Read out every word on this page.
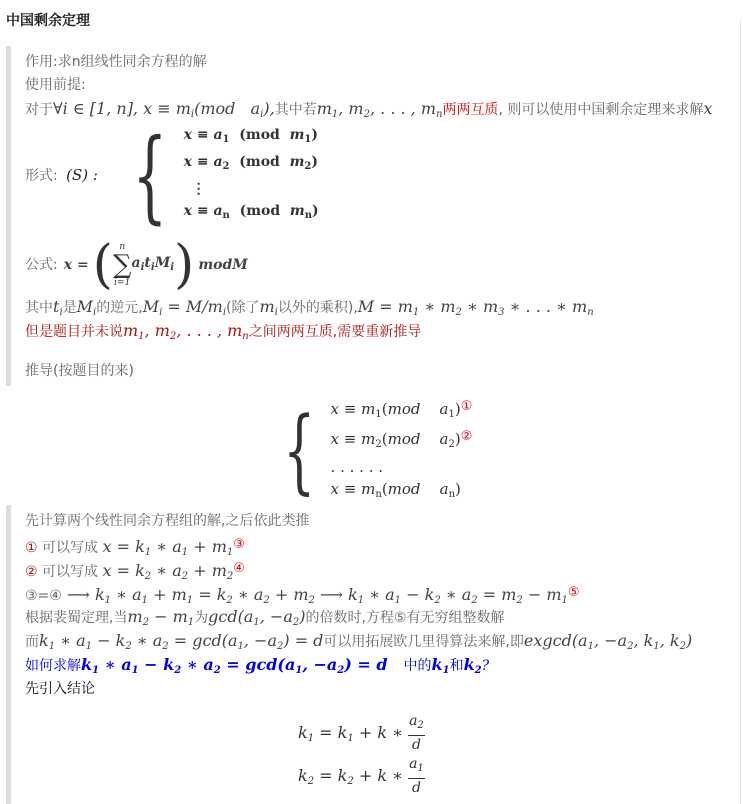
中国剩余定理
作用:求n组线性同余方程的解
使用前提:
对于∀i ∈ [1, n], $x \equiv m_i(mod$   $a_i$),其中若$m_1$, $m_2$, . . . , $m_n$两两互质, 则可以使用中国剩余定理来求解x
形式: (S) : { $x \equiv a_1$  (mod  $m_1$)
$x \equiv a_2$  (mod  $m_2$)
⋮
$x \equiv a_n$  (mod  $m_n$)
公式: x = ( n
∑
i=1
$a_it_iM_i$ ) modM
其中$t_i$是$M_i$的逆元$,M_i = M/m_i$(除了$m_i$以外的乘积)$,M = m_1$ ∗ $m_2$ ∗ $m_3$ ∗ . . . ∗ $m_n$
但是题目并未说$m_1$, $m_2$, . . . , $m_n$之间两两互质,需要重新推导
推导(按题目的来)
{ $x \equiv m_1(mod$ $a_1)①$
$x \equiv m_2(mod$ $a_2)②$
. . . . . .
$x \equiv m_n(mod$ $a_n$)
先计算两个线性同余方程组的解,之后依此类推
① 可以写成 $x = k_1$ ∗ $a_1$ + $m_1③$
② 可以写成 $x = k_2$ ∗ $a_2$ + $m_2④$
③=④ ⟶ $k_1$ ∗ $a_1 + m_1 = k_2$ ∗ $a_2 + m_2$ ⟶ $k_1$ ∗ $a_1 - k_2$ ∗ $a_2 = m_2$ − $m_1⑤$
根据裴蜀定理,当$m_2 - m_1$为$\gcd(a_1$, $-a_2$)的倍数时,方程⑤有无穷组整数解
而$k_1$ ∗ $a_1 - k_2$ ∗ $a_2 = \gcd(a_1$, $-a_2) = d$可以用拓展欧几里得算法来解,即$exgcd(a_1$, $-a_2$, $k_1$, $k_2$)
如何求解$k_1$ ∗ $a_1 - k_2$ ∗ $a_2 = \gcd(a_1$, $-a_2) = d$ 中的$k_1$和$k_2$?
先引入结论
$k_1 = k_1 + k$ ∗ $\frac{a_2}{d}$
$k_2 = k_2 + k$ ∗ $\frac{a_1}{d}$
